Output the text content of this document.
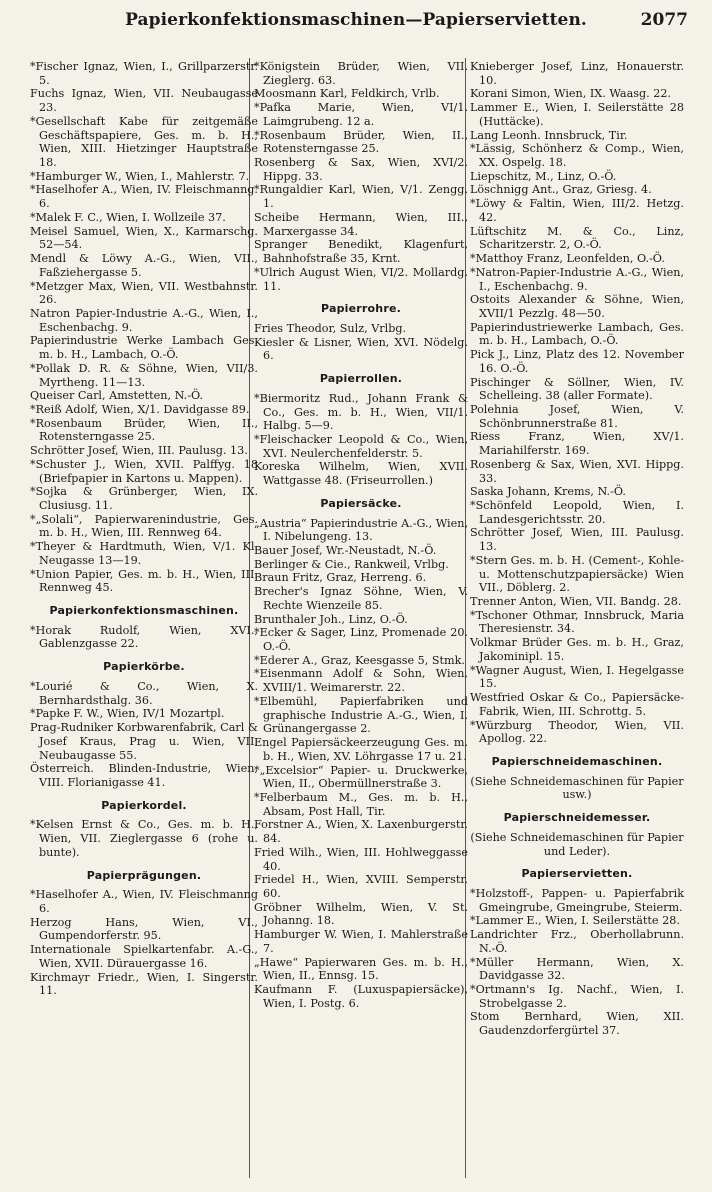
Papierkonfektionsmaschinen—Papierservietten.	2077
*Fischer Ignaz, Wien, I., Grillparzerstr. 5.
Fuchs Ignaz, Wien, VII. Neubaugasse 23.
*Gesellschaft Kabe für zeitgemäße Geschäftspapiere, Ges. m. b. H., Wien, XIII. Hietzinger Hauptstraße 18.
*Hamburger W., Wien, I., Mahlerstr. 7.
*Haselhofer A., Wien, IV. Fleischmanng. 6.
*Malek F. C., Wien, I. Wollzeile 37.
Meisel Samuel, Wien, X., Karmarschg. 52—54.
Mendl & Löwy A.-G., Wien, VII., Faßziehergasse 5.
*Metzger Max, Wien, VII. Westbahnstr. 26.
Natron Papier-Industrie A.-G., Wien, I., Eschenbachg. 9.
Papierindustrie Werke Lambach Ges. m. b. H., Lambach, O.-Ö.
*Pollak D. R. & Söhne, Wien, VII/3. Myrtheng. 11—13.
Queiser Carl, Amstetten, N.-Ö.
*Reiß Adolf, Wien, X/1. Davidgasse 89.
*Rosenbaum Brüder, Wien, II., Rotensterngasse 25.
Schrötter Josef, Wien, III. Paulusg. 13.
*Schuster J., Wien, XVII. Palffyg. 18 (Briefpapier in Kartons u. Mappen).
*Sojka & Grünberger, Wien, IX. Clusiusg. 11.
*„Solali“, Papierwarenindustrie, Ges. m. b. H., Wien, III. Rennweg 64.
*Theyer & Hardtmuth, Wien, V/1. Kl. Neugasse 13—19.
*Union Papier, Ges. m. b. H., Wien, III. Rennweg 45.
Papierkonfektionsmaschinen.
*Horak Rudolf, Wien, XVI., Gablenzgasse 22.
Papierkörbe.
*Lourié & Co., Wien, X. Bernhardsthalg. 36.
*Papke F. W., Wien, IV/1 Mozartpl.
Prag-Rudniker Korbwarenfabrik, Carl & Josef Kraus, Prag u. Wien, VII. Neubaugasse 55.
Österreich. Blinden-Industrie, Wien, VIII. Florianigasse 41.
Papierkordel.
*Kelsen Ernst & Co., Ges. m. b. H., Wien, VII. Zieglergasse 6 (rohe u. bunte).
Papierprägungen.
*Haselhofer A., Wien, IV. Fleischmanng 6.
Herzog Hans, Wien, VI., Gumpendorferstr. 95.
Internationale Spielkartenfabr. A.-G., Wien, XVII. Dürauergasse 16.
Kirchmayr Friedr., Wien, I. Singerstr. 11.
*Königstein Brüder, Wien, VII. Zieglerg. 63.
Moosmann Karl, Feldkirch, Vrlb.
*Pafka Marie, Wien, VI/1. Laimgrubeng. 12 a.
*Rosenbaum Brüder, Wien, II., Rotensterngasse 25.
Rosenberg & Sax, Wien, XVI/2. Hippg. 33.
*Rungaldier Karl, Wien, V/1. Zengg. 1.
Scheibe Hermann, Wien, III., Marxergasse 34.
Spranger Benedikt, Klagenfurt, Bahnhofstraße 35, Krnt.
*Ulrich August Wien, VI/2. Mollardg. 11.
Papierrohre.
Fries Theodor, Sulz, Vrlbg.
Kiesler & Lisner, Wien, XVI. Nödelg. 6.
Papierrollen.
*Biermoritz Rud., Johann Frank & Co., Ges. m. b. H., Wien, VII/1. Halbg. 5—9.
*Fleischacker Leopold & Co., Wien, XVI. Neulerchenfelderstr. 5.
Koreska Wilhelm, Wien, XVII. Wattgasse 48. (Friseurrollen.)
Papiersäcke.
„Austria“ Papierindustrie A.-G., Wien, I. Nibelungeng. 13.
Bauer Josef, Wr.-Neustadt, N.-Ö.
Berlinger & Cie., Rankweil, Vrlbg.
Braun Fritz, Graz, Herreng. 6.
Brecher's Ignaz Söhne, Wien, V. Rechte Wienzeile 85.
Brunthaler Joh., Linz, O.-Ö.
*Ecker & Sager, Linz, Promenade 20. O.-Ö.
*Ederer A., Graz, Keesgasse 5, Stmk.
*Eisenmann Adolf & Sohn, Wien, XVIII/1. Weimarerstr. 22.
*Elbemühl, Papierfabriken und graphische Industrie A.-G., Wien, I. Grünangergasse 2.
Engel Papiersäckeerzeugung Ges. m. b. H., Wien, XV. Löhrgasse 17 u. 21.
*„Excelsior“ Papier- u. Druckwerke, Wien, II., Obermüllnerstraße 3.
*Felberbaum M., Ges. m. b. H., Absam, Post Hall, Tir.
Forstner A., Wien, X. Laxenburgerstr. 84.
Fried Wilh., Wien, III. Hohlweggasse 40.
Friedel H., Wien, XVIII. Semperstr. 60.
Gröbner Wilhelm, Wien, V. St. Johanng. 18.
Hamburger W. Wien, I. Mahlerstraße 7.
„Hawe“ Papierwaren Ges. m. b. H., Wien, II., Ennsg. 15.
Kaufmann F. (Luxuspapiersäcke), Wien, I. Postg. 6.
Knieberger Josef, Linz, Honauerstr. 10.
Korani Simon, Wien, IX. Waasg. 22.
Lammer E., Wien, I. Seilerstätte 28 (Huttäcke).
Lang Leonh. Innsbruck, Tir.
*Lässig, Schönherz & Comp., Wien, XX. Ospelg. 18.
Liepschitz, M., Linz, O.-Ö.
Löschnigg Ant., Graz, Griesg. 4.
*Löwy & Faltin, Wien, III/2. Hetzg. 42.
Lüftschitz M. & Co., Linz, Scharitzerstr. 2, O.-Ö.
*Matthoy Franz, Leonfelden, O.-Ö.
*Natron-Papier-Industrie A.-G., Wien, I., Eschenbachg. 9.
Ostoits Alexander & Söhne, Wien, XVII/1 Pezzlg. 48—50.
Papierindustriewerke Lambach, Ges. m. b. H., Lambach, O.-Ö.
Pick J., Linz, Platz des 12. November 16. O.-Ö.
Pischinger & Söllner, Wien, IV. Schelleing. 38 (aller Formate).
Polehnia Josef, Wien, V. Schönbrunnerstraße 81.
Riess Franz, Wien, XV/1. Mariahilferstr. 169.
Rosenberg & Sax, Wien, XVI. Hippg. 33.
Saska Johann, Krems, N.-Ö.
*Schönfeld Leopold, Wien, I. Landesgerichtsstr. 20.
Schrötter Josef, Wien, III. Paulusg. 13.
*Stern Ges. m. b. H. (Cement-, Kohle- u. Mottenschutzpapiersäcke) Wien VII., Döblerg. 2.
Trenner Anton, Wien, VII. Bandg. 28.
*Tschoner Othmar, Innsbruck, Maria Theresienstr. 34.
Volkmar Brüder Ges. m. b. H., Graz, Jakominipl. 15.
*Wagner August, Wien, I. Hegelgasse 15.
Westfried Oskar & Co., Papiersäcke-Fabrik, Wien, III. Schrottg. 5.
*Würzburg Theodor, Wien, VII. Apollog. 22.
Papierschneidemaschinen.
(Siehe Schneidemaschinen für Papier usw.)
Papierschneidemesser.
(Siehe Schneidemaschinen für Papier und Leder).
Papierservietten.
*Holzstoff-, Pappen- u. Papierfabrik Gmeingrube, Gmeingrube, Steierm.
*Lammer E., Wien, I. Seilerstätte 28.
Landrichter Frz., Oberhollabrunn. N.-Ö.
*Müller Hermann, Wien, X. Davidgasse 32.
*Ortmann's Ig. Nachf., Wien, I. Strobelgasse 2.
Stom Bernhard, Wien, XII. Gaudenzdorfergürtel 37.
